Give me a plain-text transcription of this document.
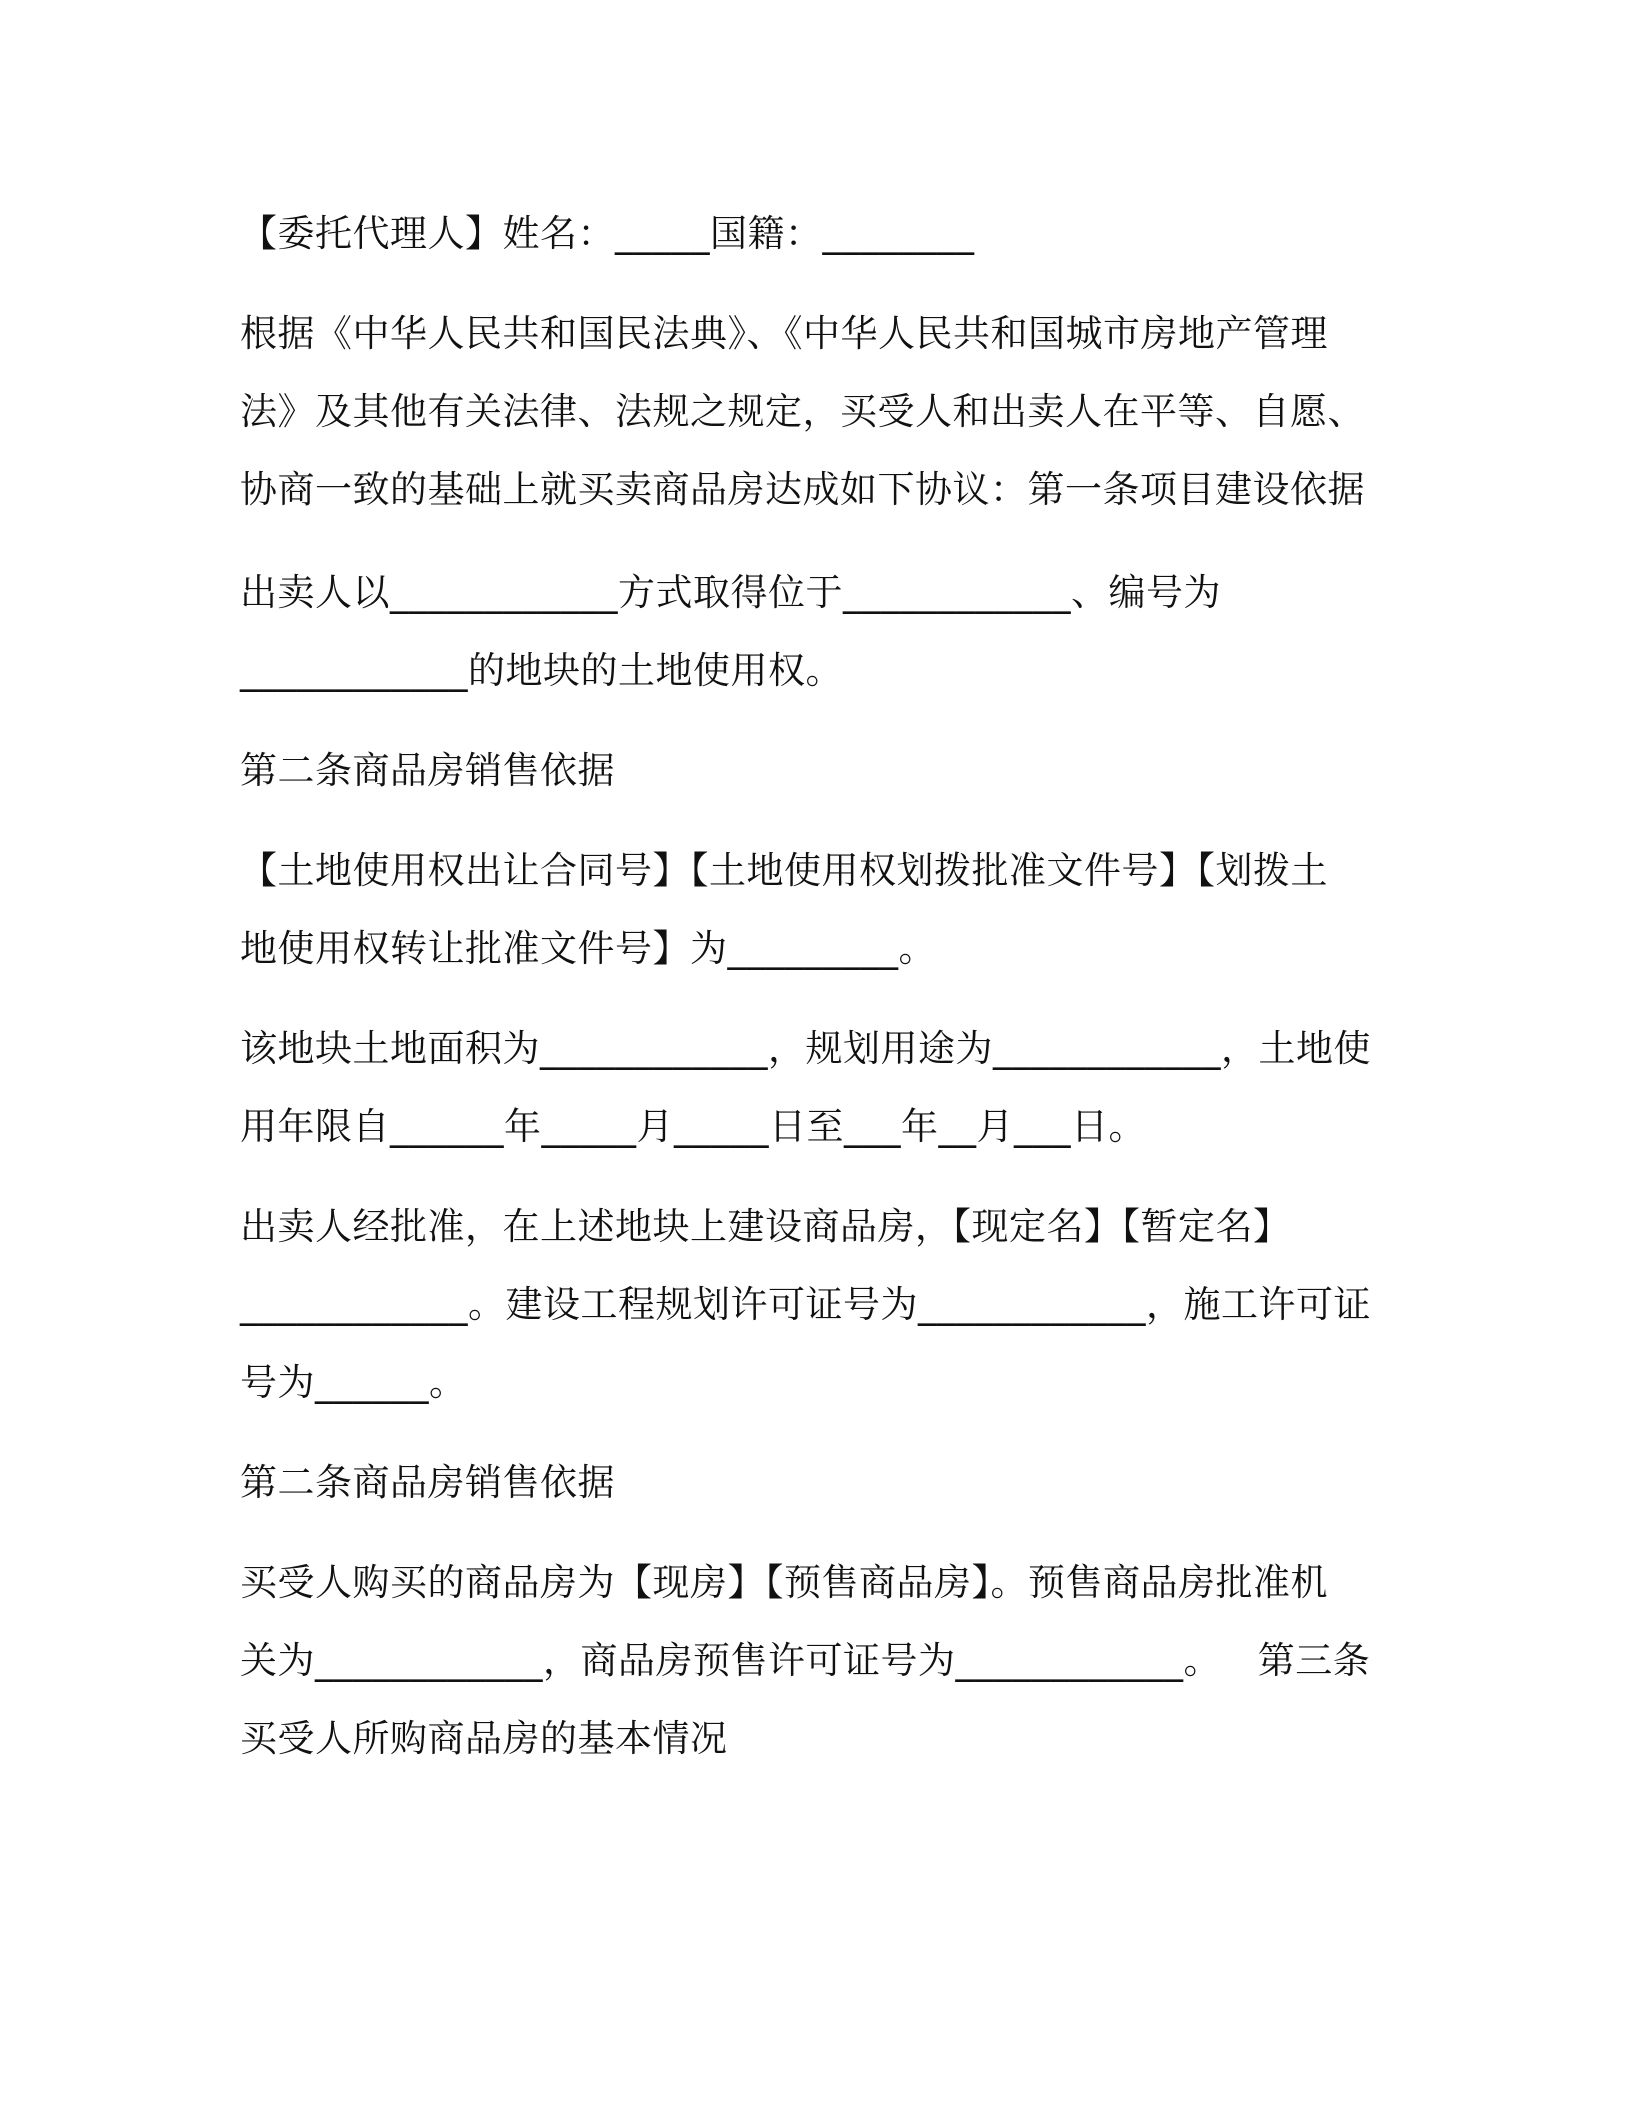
【委托代理人】姓名：_____国籍：________

根据《中华人民共和国民法典》、《中华人民共和国城市房地产管理

法》及其他有关法律、法规之规定，买受人和出卖人在平等、自愿、

协商一致的基础上就买卖商品房达成如下协议：第一条项目建设依据

出卖人以____________方式取得位于____________、编号为

____________的地块的土地使用权。

第二条商品房销售依据

【土地使用权出让合同号】【土地使用权划拨批准文件号】【划拨土

地使用权转让批准文件号】为_________。

该地块土地面积为____________，规划用途为____________，土地使

用年限自______年_____月_____日至___年__月___日。

出卖人经批准，在上述地块上建设商品房，【现定名】【暂定名】

____________。建设工程规划许可证号为____________，施工许可证

号为______。

第二条商品房销售依据

买受人购买的商品房为【现房】【预售商品房】。预售商品房批准机

关为____________，商品房预售许可证号为____________。   第三条

买受人所购商品房的基本情况
